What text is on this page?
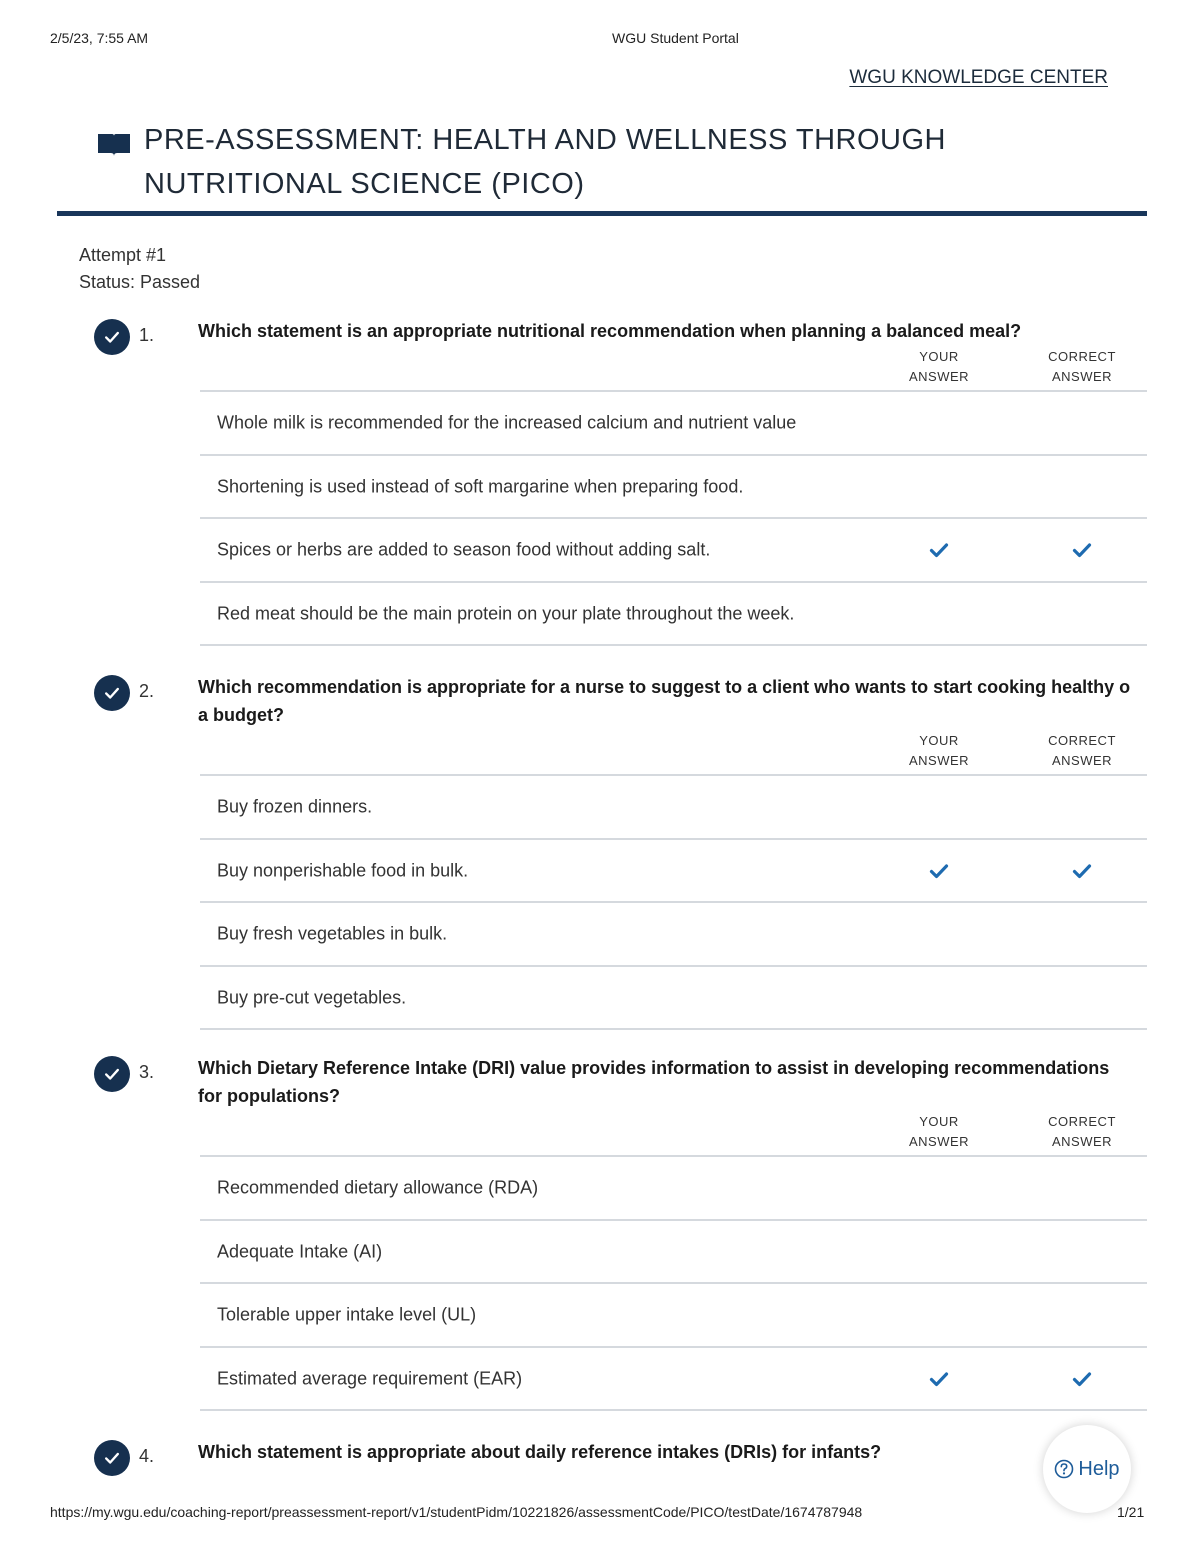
2/5/23, 7:55 AM	WGU Student Portal
WGU KNOWLEDGE CENTER
PRE-ASSESSMENT: HEALTH AND WELLNESS THROUGH
NUTRITIONAL SCIENCE (PICO)
Attempt #1
Status: Passed
1. Which statement is an appropriate nutritional recommendation when planning a balanced meal?
YOUR
ANSWER
CORRECT
ANSWER
Whole milk is recommended for the increased calcium and nutrient value
Shortening is used instead of soft margarine when preparing food.
Spices or herbs are added to season food without adding salt.
Red meat should be the main protein on your plate throughout the week.
2. Which recommendation is appropriate for a nurse to suggest to a client who wants to start cooking healthy o
a budget?
YOUR
ANSWER
CORRECT
ANSWER
Buy frozen dinners.
Buy nonperishable food in bulk.
Buy fresh vegetables in bulk.
Buy pre-cut vegetables.
3. Which Dietary Reference Intake (DRI) value provides information to assist in developing recommendations
for populations?
YOUR
ANSWER
CORRECT
ANSWER
Recommended dietary allowance (RDA)
Adequate Intake (AI)
Tolerable upper intake level (UL)
Estimated average requirement (EAR)
4. Which statement is appropriate about daily reference intakes (DRIs) for infants?
Help
https://my.wgu.edu/coaching-report/preassessment-report/v1/studentPidm/10221826/assessmentCode/PICO/testDate/1674787948	1/21
